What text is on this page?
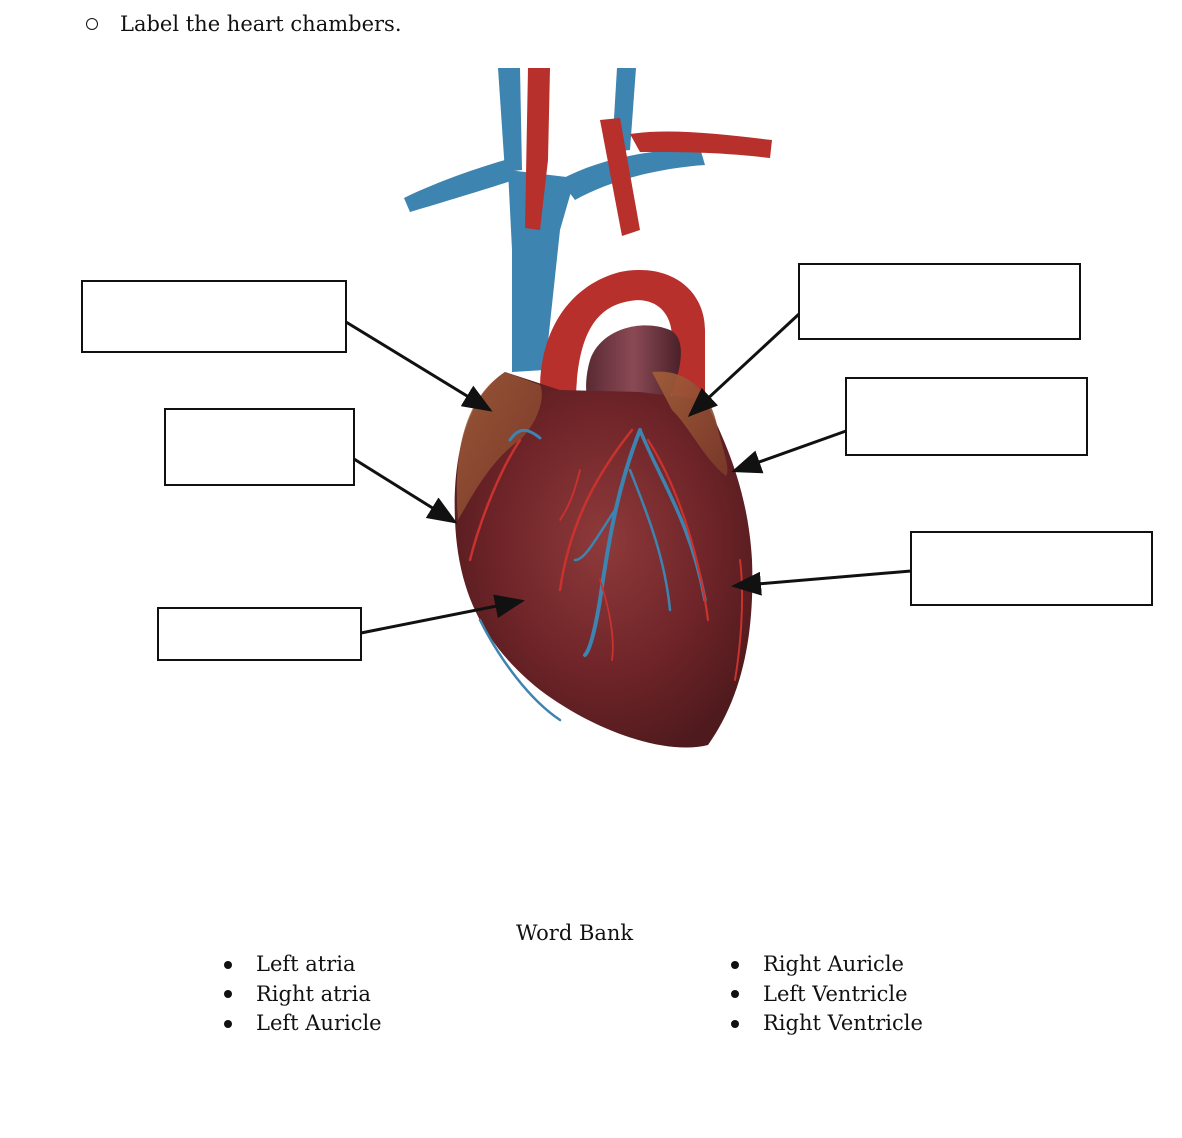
Label the heart chambers.
Word Bank
Left atria
Right atria
Left Auricle
Right Auricle
Left Ventricle
Right Ventricle
